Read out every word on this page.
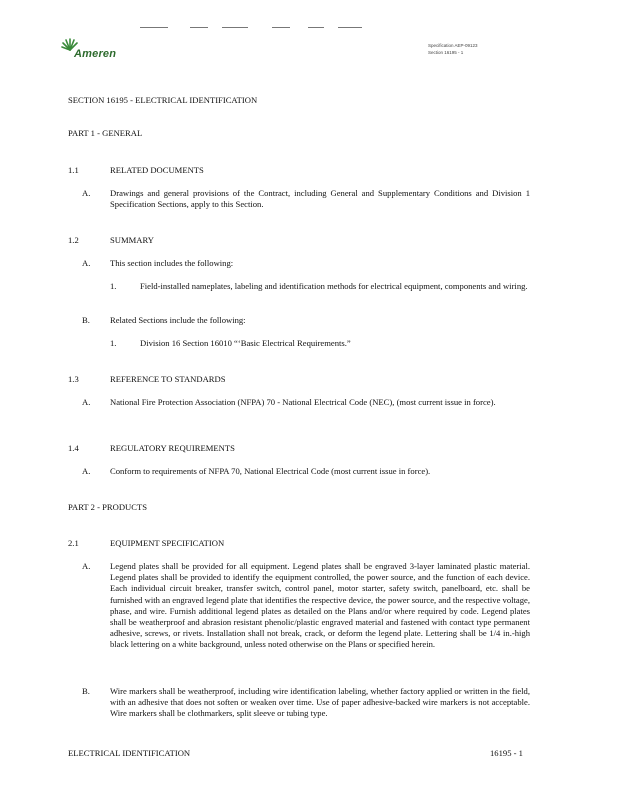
Ameren
Specification AEP-09123
Section 16195 - 1
SECTION 16195 - ELECTRICAL IDENTIFICATION
PART 1 - GENERAL
1.1	RELATED DOCUMENTS
A. Drawings and general provisions of the Contract, including General and Supplementary Conditions and Division 1 Specification Sections, apply to this Section.
1.2	SUMMARY
A. This section includes the following:
1.	Field-installed nameplates, labeling and identification methods for electrical equipment, components and wiring.
B. Related Sections include the following:
1.	Division 16 Section 16010 “‘Basic Electrical Requirements.”
1.3	REFERENCE TO STANDARDS
A. National Fire Protection Association (NFPA) 70 - National Electrical Code (NEC), (most current issue in force).
1.4	REGULATORY REQUIREMENTS
A. Conform to requirements of NFPA 70, National Electrical Code (most current issue in force).
PART 2 - PRODUCTS
2.1	EQUIPMENT SPECIFICATION
A. Legend plates shall be provided for all equipment. Legend plates shall be engraved 3-layer laminated plastic material. Legend plates shall be provided to identify the equipment controlled, the power source, and the function of each device. Each individual circuit breaker, transfer switch, control panel, motor starter, safety switch, panelboard, etc. shall be furnished with an engraved legend plate that identifies the respective device, the power source, and the respective voltage, phase, and wire. Furnish additional legend plates as detailed on the Plans and/or where required by code. Legend plates shall be weatherproof and abrasion resistant phenolic/plastic engraved material and fastened with contact type permanent adhesive, screws, or rivets. Installation shall not break, crack, or deform the legend plate. Lettering shall be 1/4 in.-high black lettering on a white background, unless noted otherwise on the Plans or specified herein.
B. Wire markers shall be weatherproof, including wire identification labeling, whether factory applied or written in the field, with an adhesive that does not soften or weaken over time. Use of paper adhesive-backed wire markers is not acceptable. Wire markers shall be clothmarkers, split sleeve or tubing type.
ELECTRICAL IDENTIFICATION	16195 - 1
